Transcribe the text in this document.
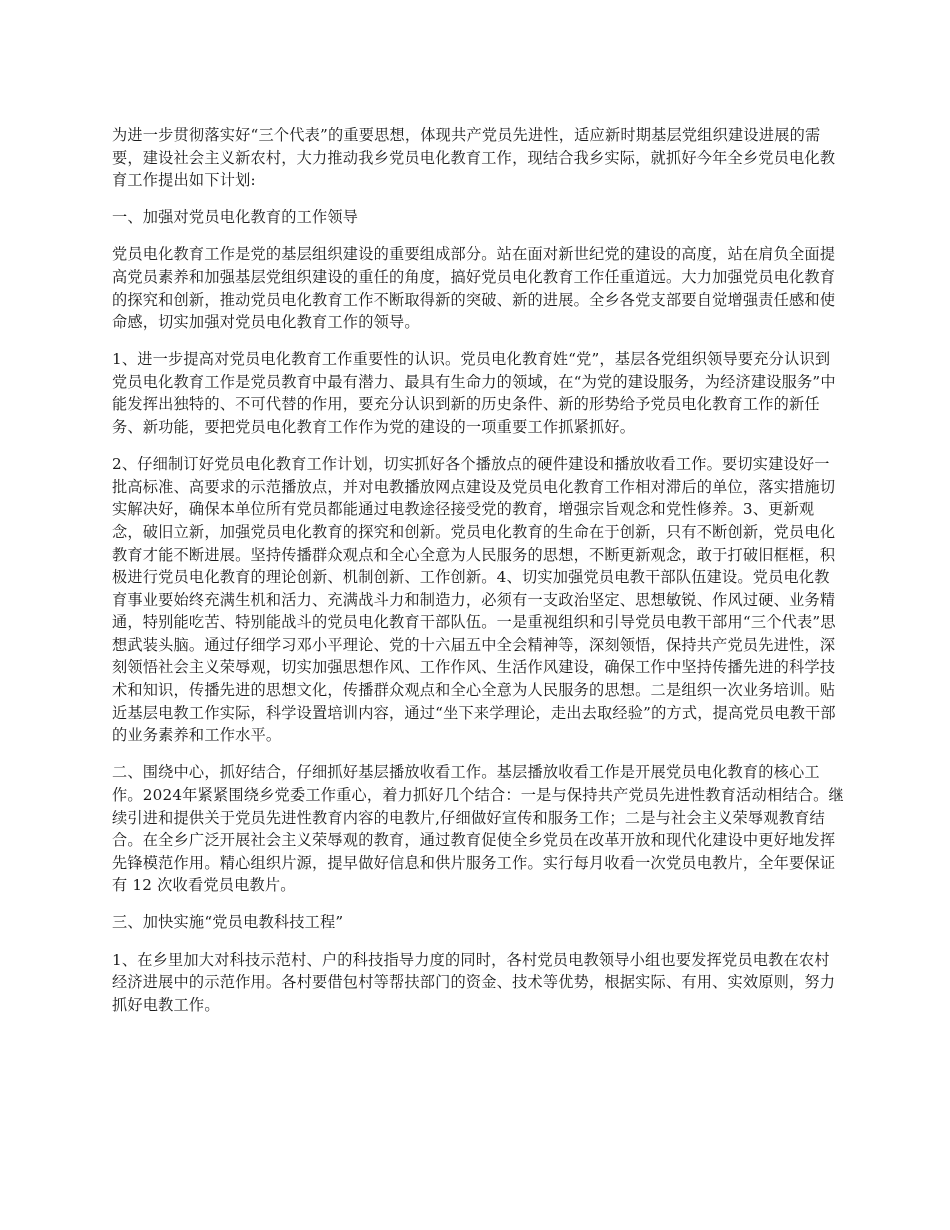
为进一步贯彻落实好“三个代表”的重要思想，体现共产党员先进性，适应新时期基层党组织建设进展的需要，建设社会主义新农村，大力推动我乡党员电化教育工作，现结合我乡实际，就抓好今年全乡党员电化教育工作提出如下计划:

一、加强对党员电化教育的工作领导

党员电化教育工作是党的基层组织建设的重要组成部分。站在面对新世纪党的建设的高度，站在肩负全面提高党员素养和加强基层党组织建设的重任的角度，搞好党员电化教育工作任重道远。大力加强党员电化教育的探究和创新，推动党员电化教育工作不断取得新的突破、新的进展。全乡各党支部要自觉增强责任感和使命感，切实加强对党员电化教育工作的领导。

1、进一步提高对党员电化教育工作重要性的认识。党员电化教育姓“党”，基层各党组织领导要充分认识到党员电化教育工作是党员教育中最有潜力、最具有生命力的领域，在“为党的建设服务，为经济建设服务”中能发挥出独特的、不可代替的作用，要充分认识到新的历史条件、新的形势给予党员电化教育工作的新任务、新功能，要把党员电化教育工作作为党的建设的一项重要工作抓紧抓好。

2、仔细制订好党员电化教育工作计划，切实抓好各个播放点的硬件建设和播放收看工作。要切实建设好一批高标准、高要求的示范播放点，并对电教播放网点建设及党员电化教育工作相对滞后的单位，落实措施切实解决好，确保本单位所有党员都能通过电教途径接受党的教育，增强宗旨观念和党性修养。3、更新观念，破旧立新，加强党员电化教育的探究和创新。党员电化教育的生命在于创新，只有不断创新，党员电化教育才能不断进展。坚持传播群众观点和全心全意为人民服务的思想，不断更新观念，敢于打破旧框框，积极进行党员电化教育的理论创新、机制创新、工作创新。4、切实加强党员电教干部队伍建设。党员电化教育事业要始终充满生机和活力、充满战斗力和制造力，必须有一支政治坚定、思想敏锐、作风过硬、业务精通，特别能吃苦、特别能战斗的党员电化教育干部队伍。一是重视组织和引导党员电教干部用“三个代表”思想武装头脑。通过仔细学习邓小平理论、党的十六届五中全会精神等，深刻领悟，保持共产党员先进性，深刻领悟社会主义荣辱观，切实加强思想作风、工作作风、生活作风建设，确保工作中坚持传播先进的科学技术和知识，传播先进的思想文化，传播群众观点和全心全意为人民服务的思想。二是组织一次业务培训。贴近基层电教工作实际，科学设置培训内容，通过“坐下来学理论，走出去取经验”的方式，提高党员电教干部的业务素养和工作水平。

二、围绕中心，抓好结合，仔细抓好基层播放收看工作。基层播放收看工作是开展党员电化教育的核心工作。2024年紧紧围绕乡党委工作重心，着力抓好几个结合：一是与保持共产党员先进性教育活动相结合。继续引进和提供关于党员先进性教育内容的电教片,仔细做好宣传和服务工作；二是与社会主义荣辱观教育结合。在全乡广泛开展社会主义荣辱观的教育，通过教育促使全乡党员在改革开放和现代化建设中更好地发挥先锋模范作用。精心组织片源，提早做好信息和供片服务工作。实行每月收看一次党员电教片，全年要保证有 12 次收看党员电教片。

三、加快实施“党员电教科技工程”

1、在乡里加大对科技示范村、户的科技指导力度的同时，各村党员电教领导小组也要发挥党员电教在农村经济进展中的示范作用。各村要借包村等帮扶部门的资金、技术等优势，根据实际、有用、实效原则，努力抓好电教工作。
